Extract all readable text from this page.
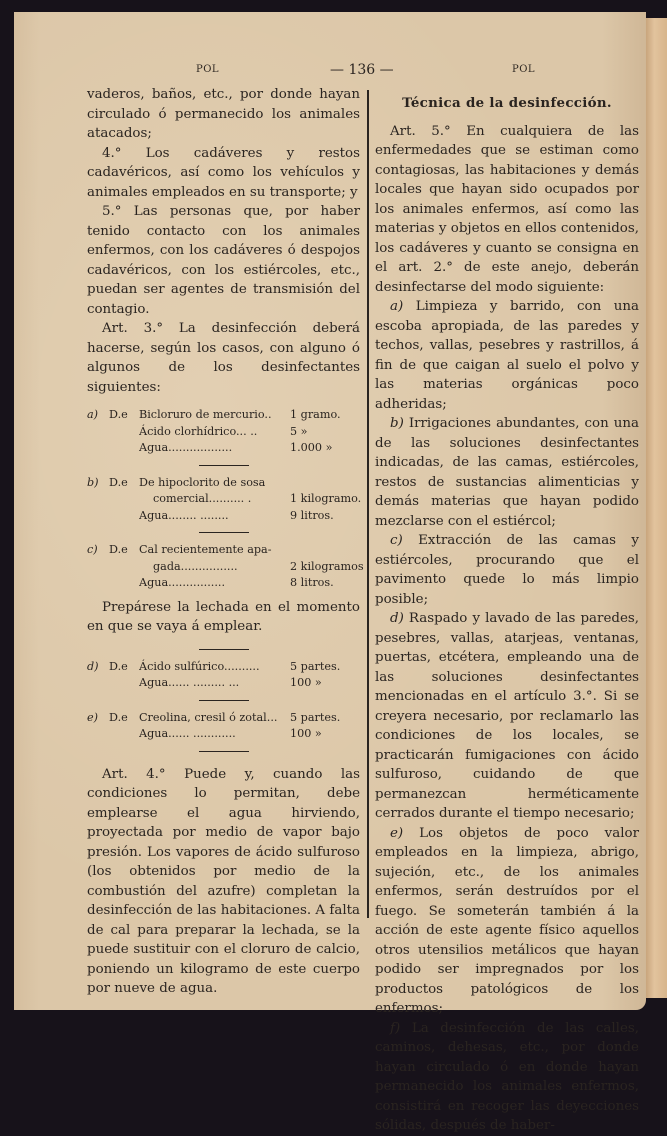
POL	— 136 —	POL

vaderos, baños, etc., por donde hayan circulado ó permanecido los animales atacados;

4.° Los cadáveres y restos cadavéricos, así como los vehículos y animales empleados en su transporte; y

5.° Las personas que, por haber tenido contacto con los animales enfermos, con los cadáveres ó despojos cadavéricos, con los estiércoles, etc., puedan ser agentes de transmisión del contagio.

Art. 3.° La desinfección deberá hacerse, según los casos, con alguno ó algunos de los desinfectantes siguientes:

a) D.e	Bicloruro de mercurio..	1 gramo.
Ácido clorhídrico... ..	5 »
Agua..................	1.000 »
b) D.e	De hipoclorito de sosa
comercial.......... .	1 kilogramo.
Agua........ ........	9 litros.
c)	D.e	Cal recientemente apa-
gada................	2 kilogramos
Agua................	8 litros.

Prepárese la lechada en el momento en que se vaya á emplear.

d) D.e	Ácido sulfúrico..........	5 partes.
Agua...... ......... ...	100 »
e) D.e	Creolina, cresil ó zotal...	5 partes.
Agua...... ............	100 »

Art. 4.° Puede y, cuando las condiciones lo permitan, debe emplearse el agua hirviendo, proyectada por medio de vapor bajo presión. Los vapores de ácido sulfuroso (los obtenidos por medio de la combustión del azufre) completan la desinfección de las habitaciones. A falta de cal para preparar la lechada, se la puede sustituir con el cloruro de calcio, poniendo un kilogramo de este cuerpo por nueve de agua.

Técnica de la desinfección.

Art. 5.° En cualquiera de las enfermedades que se estiman como contagiosas, las habitaciones y demás locales que hayan sido ocupados por los animales enfermos, así como las materias y objetos en ellos contenidos, los cadáveres y cuanto se consigna en el art. 2.° de este anejo, deberán desinfectarse del modo siguiente:

a) Limpieza y barrido, con una escoba apropiada, de las paredes y techos, vallas, pesebres y rastrillos, á fin de que caigan al suelo el polvo y las materias orgánicas poco adheridas;

b) Irrigaciones abundantes, con una de las soluciones desinfectantes indicadas, de las camas, estiércoles, restos de sustancias alimenticias y demás materias que hayan podido mezclarse con el estiércol;

c) Extracción de las camas y estiércoles, procurando que el pavimento quede lo más limpio posible;

d) Raspado y lavado de las paredes, pesebres, vallas, atarjeas, ventanas, puertas, etcétera, empleando una de las soluciones desinfectantes mencionadas en el artículo 3.°. Si se creyera necesario, por reclamarlo las condiciones de los locales, se practicarán fumigaciones con ácido sulfuroso, cuidando de que permanezcan herméticamente cerrados durante el tiempo necesario;

e) Los objetos de poco valor empleados en la limpieza, abrigo, sujeción, etc., de los animales enfermos, serán destruídos por el fuego. Se someterán también á la acción de este agente físico aquellos otros utensilios metálicos que hayan podido ser impregnados por los productos patológicos de los enfermos;

f) La desinfección de las calles, caminos, dehesas, etc., por donde hayan circulado ó en donde hayan permanecido los animales enfermos, consistirá en recoger las deyecciones sólidas, después de haber-
